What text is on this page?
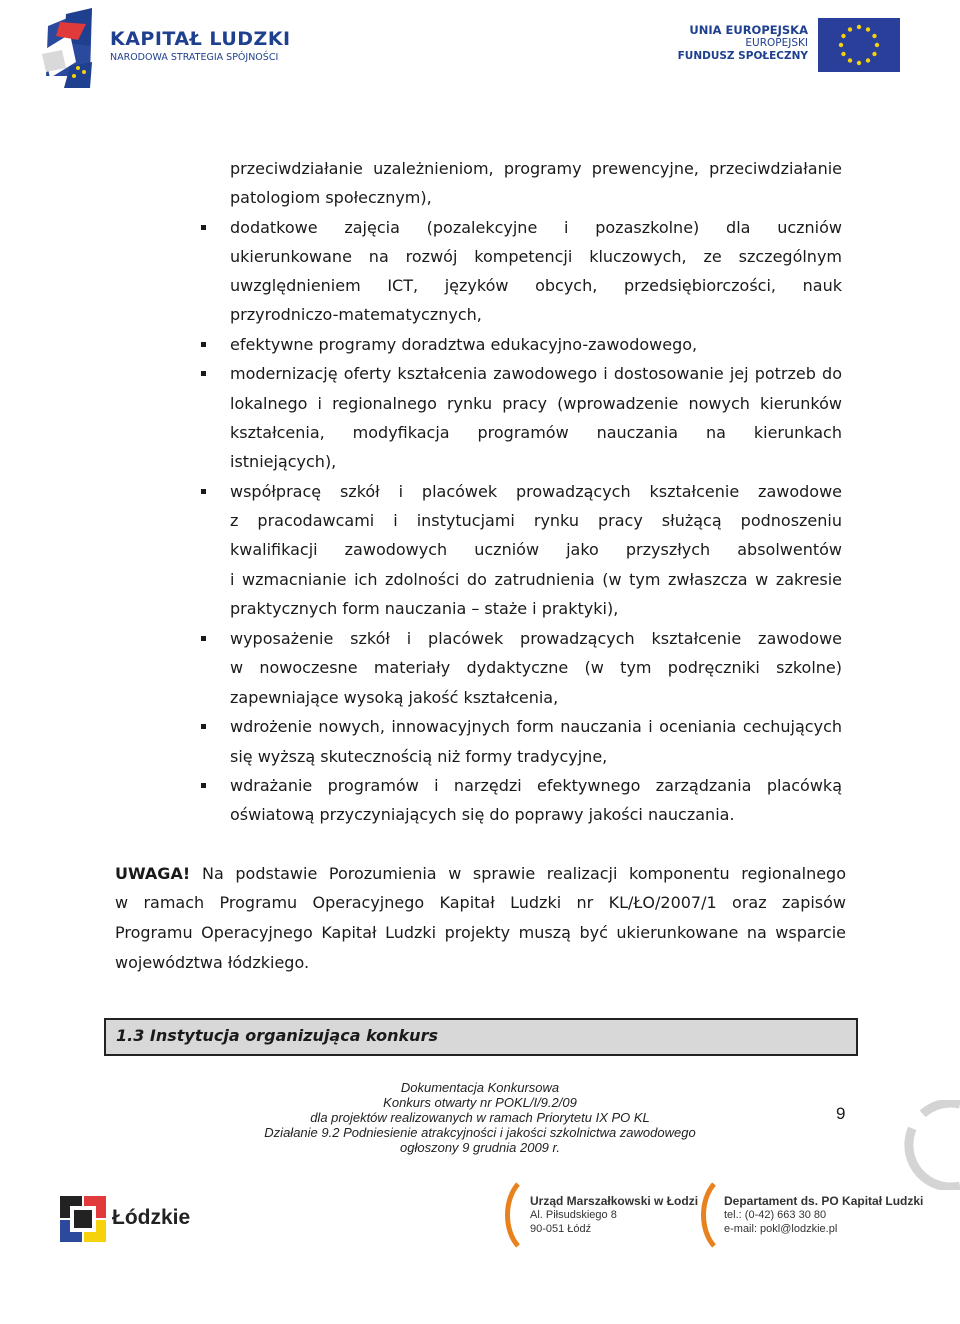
KAPITAŁ LUDZKI
NARODOWA STRATEGIA SPÓJNOŚCI
UNIA EUROPEJSKA
EUROPEJSKI
FUNDUSZ SPOŁECZNY
przeciwdziałanie uzależnieniom, programy prewencyjne, przeciwdziałanie
patologiom społecznym),
dodatkowe zajęcia (pozalekcyjne i pozaszkolne) dla uczniów
ukierunkowane na rozwój kompetencji kluczowych, ze szczególnym
uwzględnieniem ICT, języków obcych, przedsiębiorczości, nauk
przyrodniczo-matematycznych,
efektywne programy doradztwa edukacyjno-zawodowego,
modernizację oferty kształcenia zawodowego i dostosowanie jej potrzeb do
lokalnego i regionalnego rynku pracy (wprowadzenie nowych kierunków
kształcenia, modyfikacja programów nauczania na kierunkach
istniejących),
współpracę szkół i placówek prowadzących kształcenie zawodowe
z pracodawcami i instytucjami rynku pracy służącą podnoszeniu
kwalifikacji zawodowych uczniów jako przyszłych absolwentów
i wzmacnianie ich zdolności do zatrudnienia (w tym zwłaszcza w zakresie
praktycznych form nauczania – staże i praktyki),
wyposażenie szkół i placówek prowadzących kształcenie zawodowe
w nowoczesne materiały dydaktyczne (w tym podręczniki szkolne)
zapewniające wysoką jakość kształcenia,
wdrożenie nowych, innowacyjnych form nauczania i oceniania cechujących
się wyższą skutecznością niż formy tradycyjne,
wdrażanie programów i narzędzi efektywnego zarządzania placówką
oświatową przyczyniających się do poprawy jakości nauczania.
UWAGA! Na podstawie Porozumienia w sprawie realizacji komponentu regionalnego
w ramach Programu Operacyjnego Kapitał Ludzki nr KL/ŁO/2007/1 oraz zapisów
Programu Operacyjnego Kapitał Ludzki projekty muszą być ukierunkowane na wsparcie
województwa łódzkiego.
1.3 Instytucja organizująca konkurs
Dokumentacja Konkursowa
Konkurs otwarty nr POKL/I/9.2/09
dla projektów realizowanych w ramach Priorytetu IX PO KL
Działanie 9.2 Podniesienie atrakcyjności i jakości szkolnictwa zawodowego
ogłoszony 9 grudnia 2009 r.
9
Łódzkie
Urząd Marszałkowski w Łodzi
Al. Piłsudskiego 8
90-051 Łódź
Departament ds. PO Kapitał Ludzki
tel.: (0-42) 663 30 80
e-mail: pokl@lodzkie.pl
